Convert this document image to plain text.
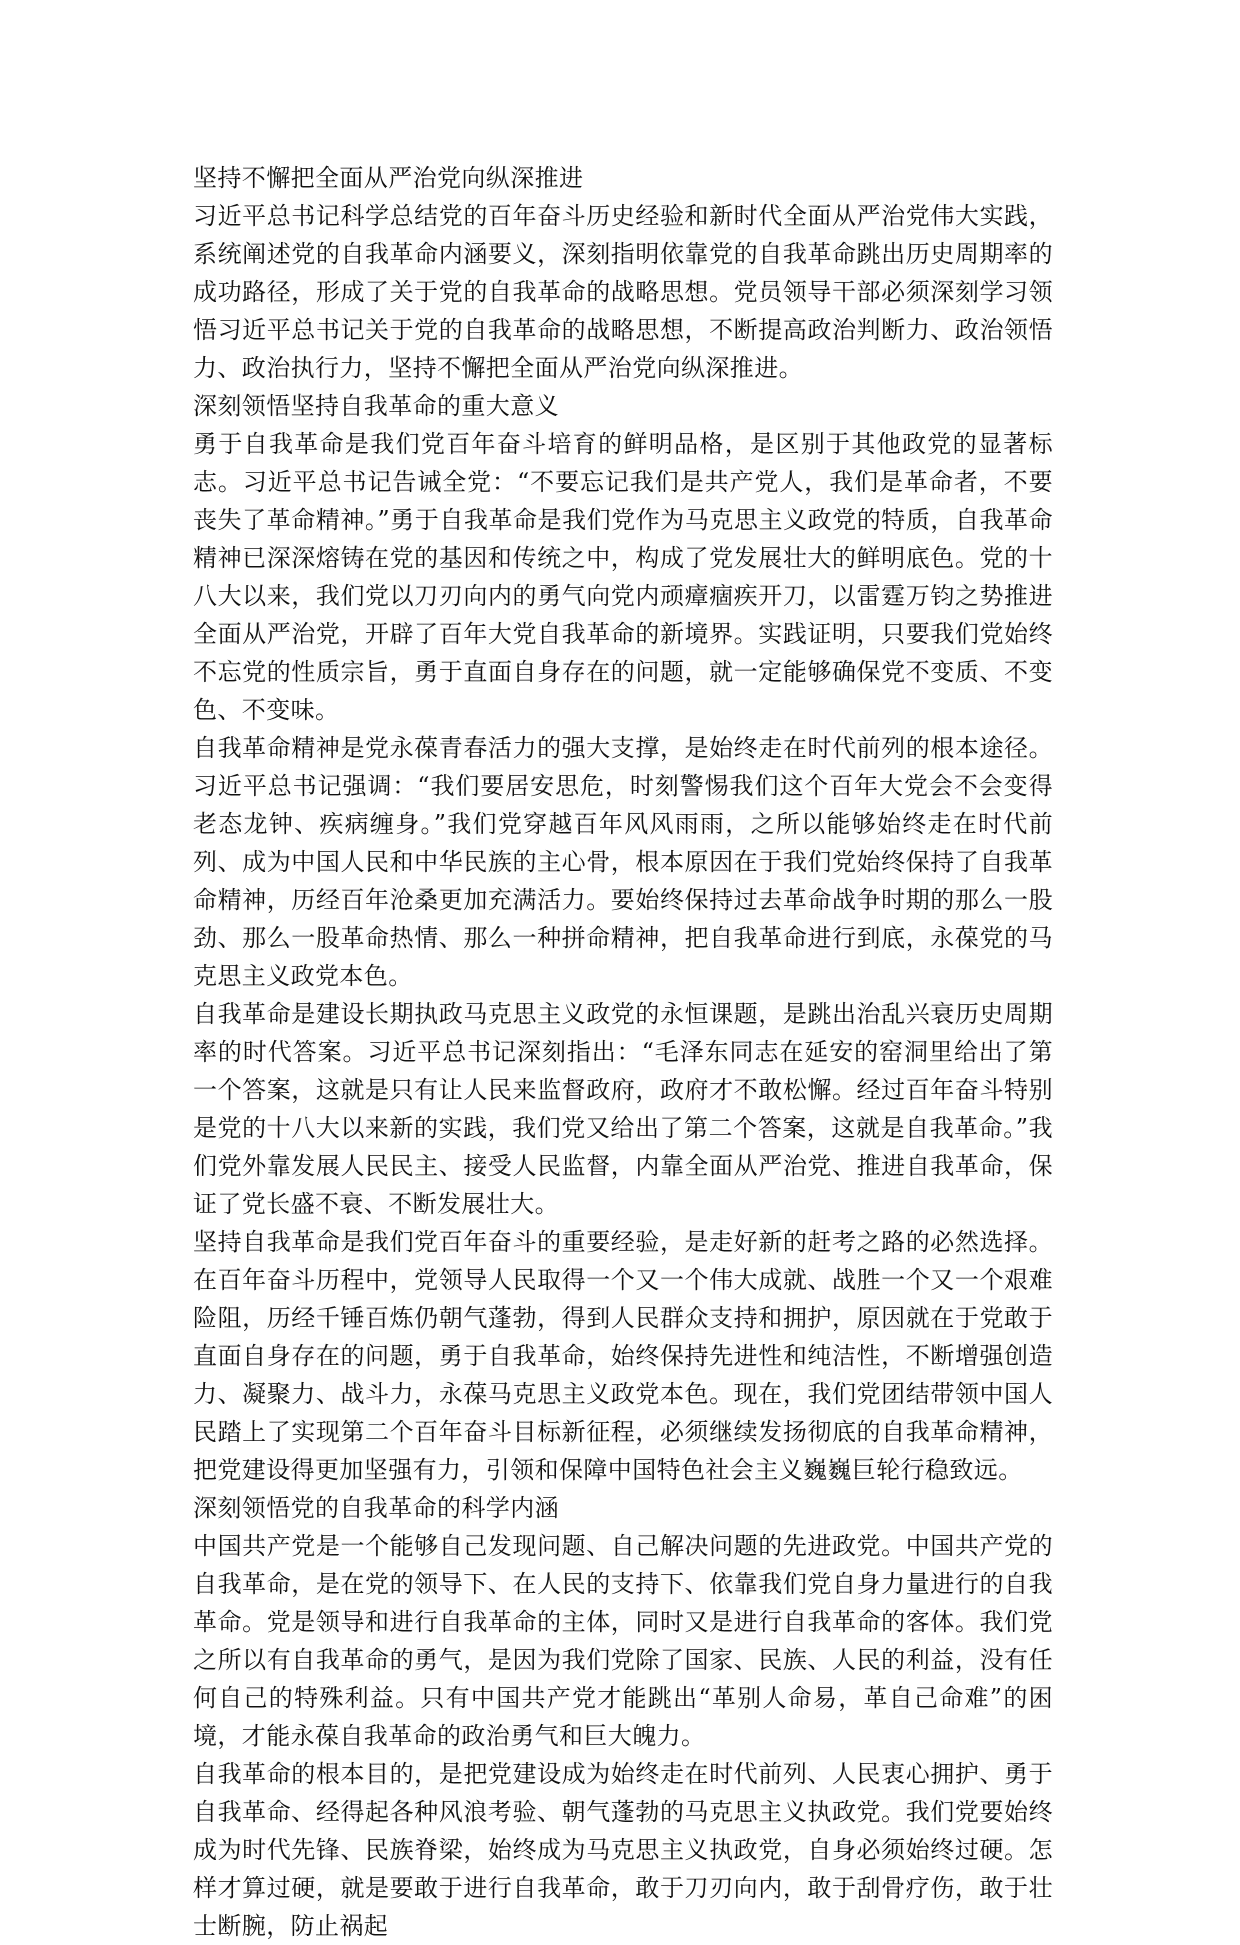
坚持不懈把全面从严治党向纵深推进

习近平总书记科学总结党的百年奋斗历史经验和新时代全面从严治党伟大实践，系统阐述党的自我革命内涵要义，深刻指明依靠党的自我革命跳出历史周期率的成功路径，形成了关于党的自我革命的战略思想。党员领导干部必须深刻学习领悟习近平总书记关于党的自我革命的战略思想，不断提高政治判断力、政治领悟力、政治执行力，坚持不懈把全面从严治党向纵深推进。

深刻领悟坚持自我革命的重大意义

勇于自我革命是我们党百年奋斗培育的鲜明品格，是区别于其他政党的显著标志。习近平总书记告诫全党：“不要忘记我们是共产党人，我们是革命者，不要丧失了革命精神。”勇于自我革命是我们党作为马克思主义政党的特质，自我革命精神已深深熔铸在党的基因和传统之中，构成了党发展壮大的鲜明底色。党的十八大以来，我们党以刀刃向内的勇气向党内顽瘴痼疾开刀，以雷霆万钧之势推进全面从严治党，开辟了百年大党自我革命的新境界。实践证明，只要我们党始终不忘党的性质宗旨，勇于直面自身存在的问题，就一定能够确保党不变质、不变色、不变味。

自我革命精神是党永葆青春活力的强大支撑，是始终走在时代前列的根本途径。习近平总书记强调：“我们要居安思危，时刻警惕我们这个百年大党会不会变得老态龙钟、疾病缠身。”我们党穿越百年风风雨雨，之所以能够始终走在时代前列、成为中国人民和中华民族的主心骨，根本原因在于我们党始终保持了自我革命精神，历经百年沧桑更加充满活力。要始终保持过去革命战争时期的那么一股劲、那么一股革命热情、那么一种拼命精神，把自我革命进行到底，永葆党的马克思主义政党本色。

自我革命是建设长期执政马克思主义政党的永恒课题，是跳出治乱兴衰历史周期率的时代答案。习近平总书记深刻指出：“毛泽东同志在延安的窑洞里给出了第一个答案，这就是只有让人民来监督政府，政府才不敢松懈。经过百年奋斗特别是党的十八大以来新的实践，我们党又给出了第二个答案，这就是自我革命。”我们党外靠发展人民民主、接受人民监督，内靠全面从严治党、推进自我革命，保证了党长盛不衰、不断发展壮大。

坚持自我革命是我们党百年奋斗的重要经验，是走好新的赶考之路的必然选择。在百年奋斗历程中，党领导人民取得一个又一个伟大成就、战胜一个又一个艰难险阻，历经千锤百炼仍朝气蓬勃，得到人民群众支持和拥护，原因就在于党敢于直面自身存在的问题，勇于自我革命，始终保持先进性和纯洁性，不断增强创造力、凝聚力、战斗力，永葆马克思主义政党本色。现在，我们党团结带领中国人民踏上了实现第二个百年奋斗目标新征程，必须继续发扬彻底的自我革命精神，把党建设得更加坚强有力，引领和保障中国特色社会主义巍巍巨轮行稳致远。

深刻领悟党的自我革命的科学内涵

中国共产党是一个能够自己发现问题、自己解决问题的先进政党。中国共产党的自我革命，是在党的领导下、在人民的支持下、依靠我们党自身力量进行的自我革命。党是领导和进行自我革命的主体，同时又是进行自我革命的客体。我们党之所以有自我革命的勇气，是因为我们党除了国家、民族、人民的利益，没有任何自己的特殊利益。只有中国共产党才能跳出“革别人命易，革自己命难”的困境，才能永葆自我革命的政治勇气和巨大魄力。

自我革命的根本目的，是把党建设成为始终走在时代前列、人民衷心拥护、勇于自我革命、经得起各种风浪考验、朝气蓬勃的马克思主义执政党。我们党要始终成为时代先锋、民族脊梁，始终成为马克思主义执政党，自身必须始终过硬。怎样才算过硬，就是要敢于进行自我革命，敢于刀刃向内，敢于刮骨疗伤，敢于壮士断腕，防止祸起
